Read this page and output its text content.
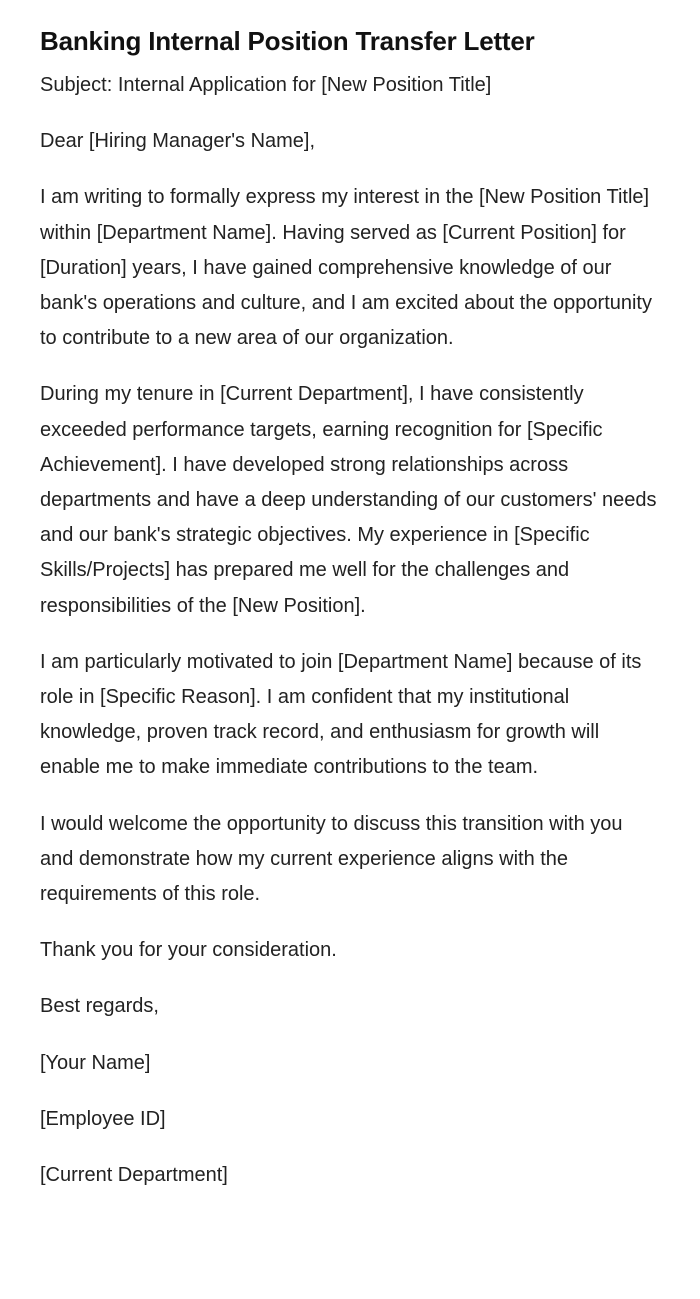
Banking Internal Position Transfer Letter

Subject: Internal Application for [New Position Title]

Dear [Hiring Manager's Name],

I am writing to formally express my interest in the [New Position Title] within [Department Name]. Having served as [Current Position] for [Duration] years, I have gained comprehensive knowledge of our bank's operations and culture, and I am excited about the opportunity to contribute to a new area of our organization.

During my tenure in [Current Department], I have consistently exceeded performance targets, earning recognition for [Specific Achievement]. I have developed strong relationships across departments and have a deep understanding of our customers' needs and our bank's strategic objectives. My experience in [Specific Skills/Projects] has prepared me well for the challenges and responsibilities of the [New Position].

I am particularly motivated to join [Department Name] because of its role in [Specific Reason]. I am confident that my institutional knowledge, proven track record, and enthusiasm for growth will enable me to make immediate contributions to the team.

I would welcome the opportunity to discuss this transition with you and demonstrate how my current experience aligns with the requirements of this role.

Thank you for your consideration.

Best regards,

[Your Name]

[Employee ID]

[Current Department]
